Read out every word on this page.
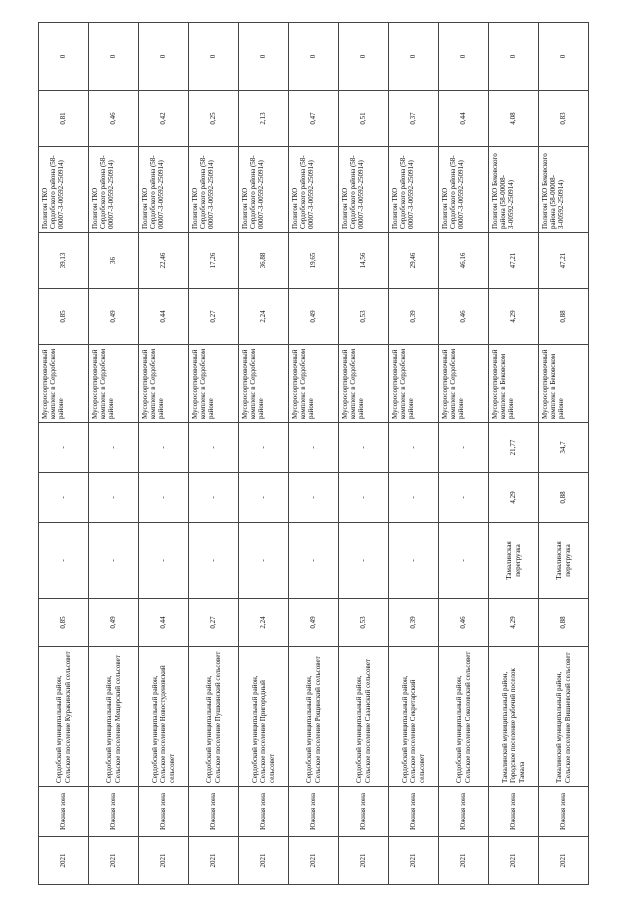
2021	Южная зона	Сердобский муниципальный район, Сельское поселение Куракинский сельсовет	0,85	-	-	-	Мусоросортировочный комплекс в Сердобском районе	0,85	39,13	Полигон ТКО Сердобского района (58-00007-З-00592-250914)	0,81	0
2021	Южная зона	Сердобский муниципальный район, Сельское поселение Мещерский сельсовет	0,49	-	-	-	Мусоросортировочный комплекс в Сердобском районе	0,49	36	Полигон ТКО Сердобского района (58-00007-З-00592-250914)	0,46	0
2021	Южная зона	Сердобский муниципальный район, Сельское поселение Новостуденовский сельсовет	0,44	-	-	-	Мусоросортировочный комплекс в Сердобском районе	0,44	22,46	Полигон ТКО Сердобского района (58-00007-З-00592-250914)	0,42	0
2021	Южная зона	Сердобский муниципальный район, Сельское поселение Пушкинский сельсовет	0,27	-	-	-	Мусоросортировочный комплекс в Сердобском районе	0,27	17,26	Полигон ТКО Сердобского района (58-00007-З-00592-250914)	0,25	0
2021	Южная зона	Сердобский муниципальный район, Сельское поселение Пригородный сельсовет	2,24	-	-	-	Мусоросортировочный комплекс в Сердобском районе	2,24	36,88	Полигон ТКО Сердобского района (58-00007-З-00592-250914)	2,13	0
2021	Южная зона	Сердобский муниципальный район, Сельское поселение Рощинский сельсовет	0,49	-	-	-	Мусоросортировочный комплекс в Сердобском районе	0,49	19,65	Полигон ТКО Сердобского района (58-00007-З-00592-250914)	0,47	0
2021	Южная зона	Сердобский муниципальный район, Сельское поселение Сазанский сельсовет	0,53	-	-	-	Мусоросортировочный комплекс в Сердобском районе	0,53	14,56	Полигон ТКО Сердобского района (58-00007-З-00592-250914)	0,51	0
2021	Южная зона	Сердобский муниципальный район, Сельское поселение Секретарский сельсовет	0,39	-	-	-	Мусоросортировочный комплекс в Сердобском районе	0,39	29,46	Полигон ТКО Сердобского района (58-00007-З-00592-250914)	0,37	0
2021	Южная зона	Сердобский муниципальный район, Сельское поселение Соколовский сельсовет	0,46	-	-	-	Мусоросортировочный комплекс в Сердобском районе	0,46	46,16	Полигон ТКО Сердобского района (58-00007-З-00592-250914)	0,44	0
2021	Южная зона	Тамалинский муниципальный район, Городское поселение рабочий поселок Тамала	4,29	Тамалинская перегрузка	4,29	21,77	Мусоросортировочный комплекс в Бековском районе	4,29	47,21	Полигон ТКО Бековского района (58-00008-З-00592-250914)	4,08	0
2021	Южная зона	Тамалинский муниципальный район, Сельское поселение Вишневский сельсовет	0,88	Тамалинская перегрузка	0,88	34,7	Мусоросортировочный комплекс в Бековском районе	0,88	47,21	Полигон ТКО Бековского района (58-00008-З-00592-250914)	0,83	0
